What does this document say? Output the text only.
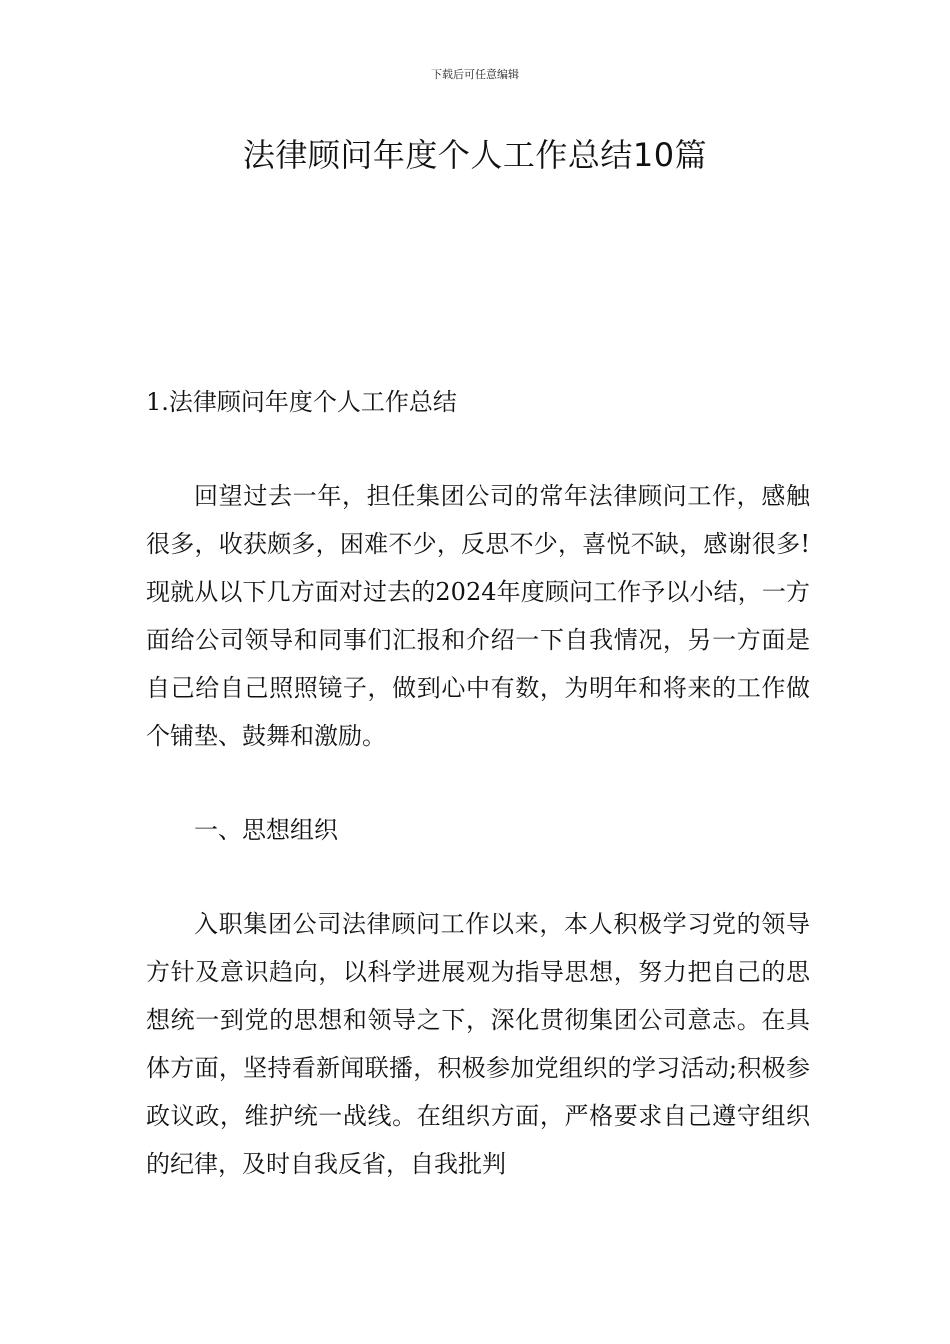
下载后可任意编辑
法律顾问年度个人工作总结10篇

1.法律顾问年度个人工作总结

回望过去一年，担任集团公司的常年法律顾问工作，感触很多，收获颇多，困难不少，反思不少，喜悦不缺，感谢很多!现就从以下几方面对过去的2024年度顾问工作予以小结，一方面给公司领导和同事们汇报和介绍一下自我情况，另一方面是自己给自己照照镜子，做到心中有数，为明年和将来的工作做个铺垫、鼓舞和激励。

一、思想组织

入职集团公司法律顾问工作以来，本人积极学习党的领导方针及意识趋向，以科学进展观为指导思想，努力把自己的思想统一到党的思想和领导之下，深化贯彻集团公司意志。在具体方面，坚持看新闻联播，积极参加党组织的学习活动;积极参政议政，维护统一战线。在组织方面，严格要求自己遵守组织的纪律，及时自我反省，自我批判
